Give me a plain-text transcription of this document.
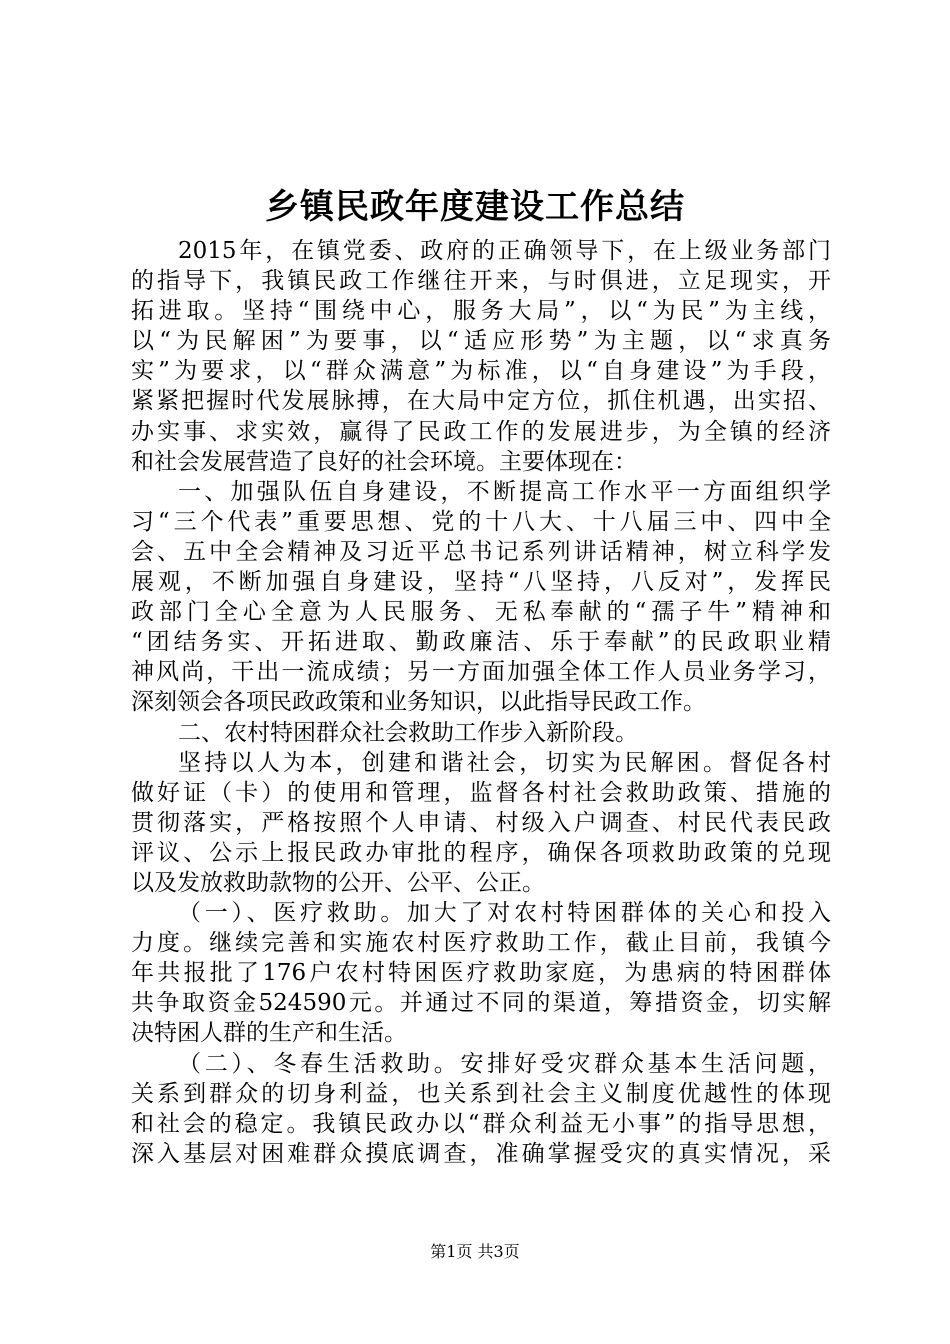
乡镇民政年度建设工作总结
2015年，在镇党委、政府的正确领导下，在上级业务部门
的指导下，我镇民政工作继往开来，与时俱进，立足现实，开
拓进取。坚持“围绕中心，服务大局”，以“为民”为主线，
以“为民解困”为要事，以“适应形势”为主题，以“求真务
实”为要求，以“群众满意”为标准，以“自身建设”为手段，
紧紧把握时代发展脉搏，在大局中定方位，抓住机遇，出实招、
办实事、求实效，赢得了民政工作的发展进步，为全镇的经济
和社会发展营造了良好的社会环境。主要体现在：
一、加强队伍自身建设，不断提高工作水平一方面组织学
习“三个代表”重要思想、党的十八大、十八届三中、四中全
会、五中全会精神及习近平总书记系列讲话精神，树立科学发
展观，不断加强自身建设，坚持“八坚持，八反对”，发挥民
政部门全心全意为人民服务、无私奉献的“孺子牛”精神和
“团结务实、开拓进取、勤政廉洁、乐于奉献”的民政职业精
神风尚，干出一流成绩；另一方面加强全体工作人员业务学习，
深刻领会各项民政政策和业务知识，以此指导民政工作。
二、农村特困群众社会救助工作步入新阶段。
坚持以人为本，创建和谐社会，切实为民解困。督促各村
做好证（卡）的使用和管理，监督各村社会救助政策、措施的
贯彻落实，严格按照个人申请、村级入户调查、村民代表民政
评议、公示上报民政办审批的程序，确保各项救助政策的兑现
以及发放救助款物的公开、公平、公正。
（一）、医疗救助。加大了对农村特困群体的关心和投入
力度。继续完善和实施农村医疗救助工作，截止目前，我镇今
年共报批了176户农村特困医疗救助家庭，为患病的特困群体
共争取资金524590元。并通过不同的渠道，筹措资金，切实解
决特困人群的生产和生活。
（二）、冬春生活救助。安排好受灾群众基本生活问题，
关系到群众的切身利益，也关系到社会主义制度优越性的体现
和社会的稳定。我镇民政办以“群众利益无小事”的指导思想，
深入基层对困难群众摸底调查，准确掌握受灾的真实情况，采
第1页 共3页
